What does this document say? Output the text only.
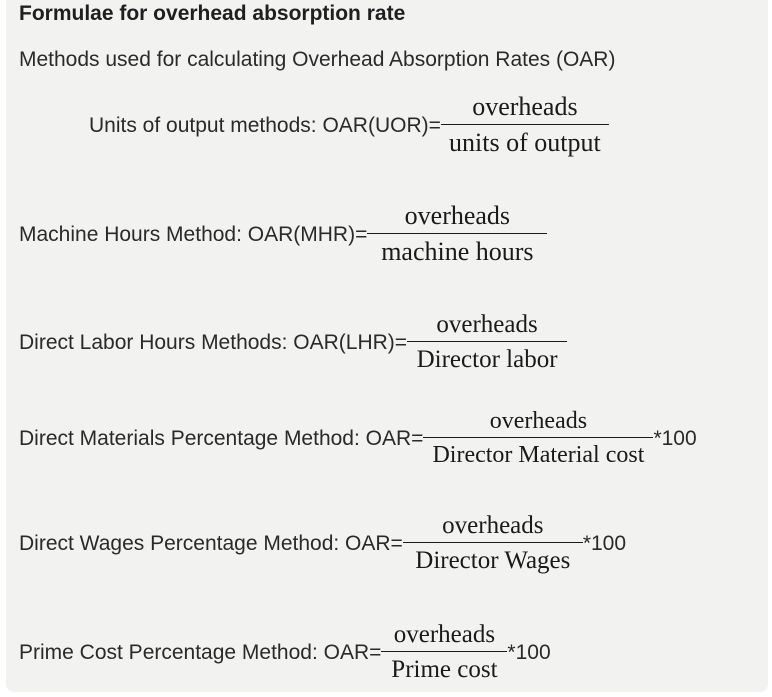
Formulae for overhead absorption rate
Methods used for calculating Overhead Absorption Rates (OAR)
Units of output methods: $OAR(UOR)= \frac{\text{overheads}}{\text{units of output}}$
Machine Hours Method: $OAR(MHR)= \frac{\text{overheads}}{\text{machine hours}}$
Direct Labor Hours Methods: $OAR(LHR)= \frac{\text{overheads}}{\text{Director labor}}$
Direct Materials Percentage Method: $OAR= \frac{\text{overheads}}{\text{Director Material cost}} *100$
Direct Wages Percentage Method: $OAR= \frac{\text{overheads}}{\text{Director Wages}} *100$
Prime Cost Percentage Method: $OAR= \frac{\text{overheads}}{\text{Prime cost}} *100$
